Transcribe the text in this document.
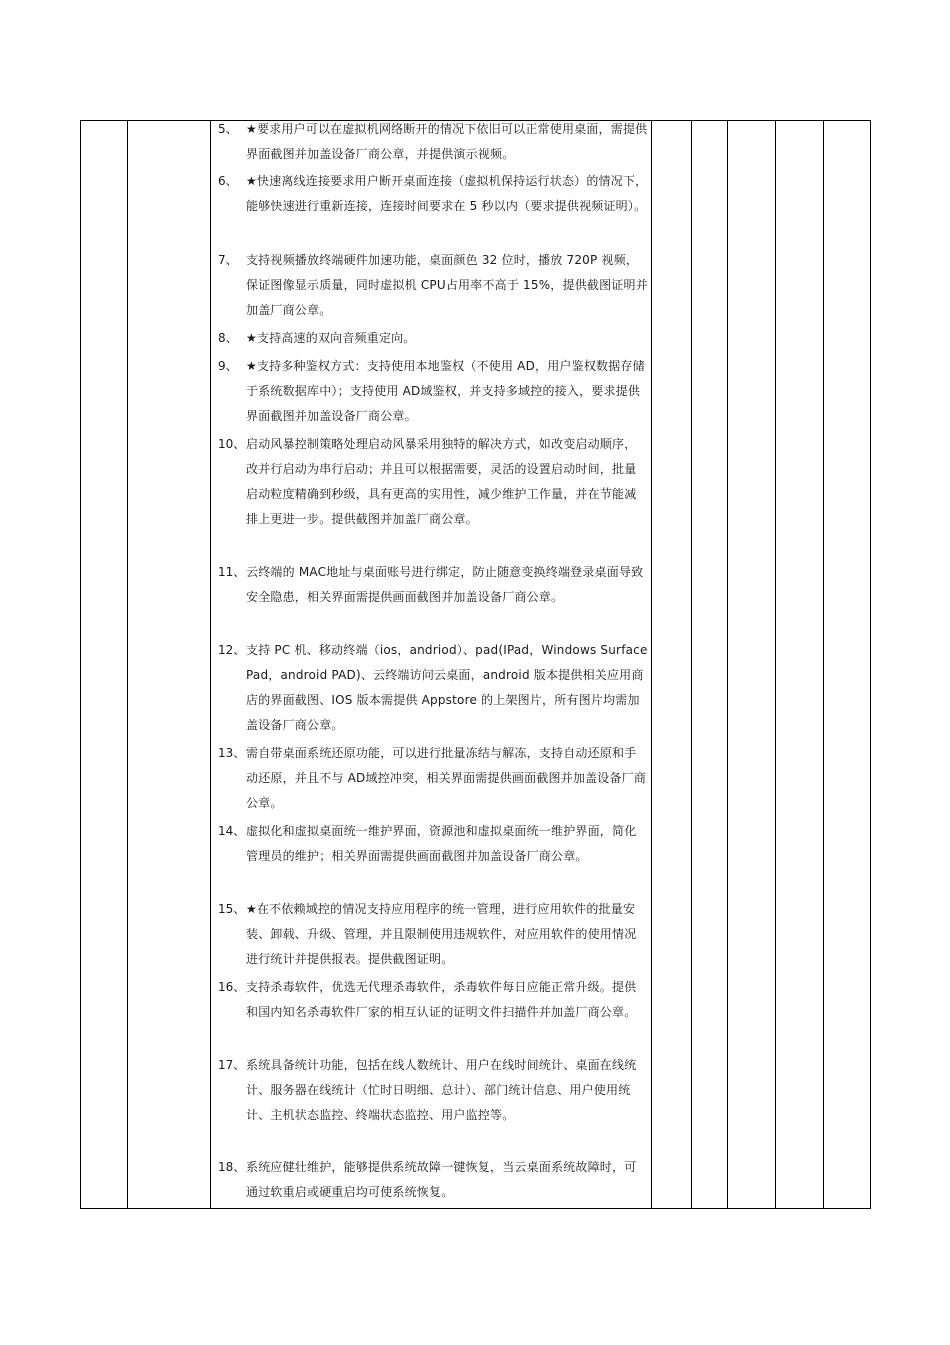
5、 ★要求用户可以在虚拟机网络断开的情况下依旧可以正常使用桌面，需提供界面截图并加盖设备厂商公章，并提供演示视频。
6、 ★快速离线连接要求用户断开桌面连接（虚拟机保持运行状态）的情况下，能够快速进行重新连接，连接时间要求在 5 秒以内（要求提供视频证明）。
7、 支持视频播放终端硬件加速功能，桌面颜色 32 位时，播放 720P 视频，保证图像显示质量，同时虚拟机 CPU占用率不高于 15%，提供截图证明并加盖厂商公章。
8、 ★支持高速的双向音频重定向。
9、 ★支持多种鉴权方式：支持使用本地鉴权（不使用 AD，用户鉴权数据存储于系统数据库中）；支持使用 AD域鉴权，并支持多域控的接入，要求提供界面截图并加盖设备厂商公章。
10、 启动风暴控制策略处理启动风暴采用独特的解决方式，如改变启动顺序，改并行启动为串行启动；并且可以根据需要，灵活的设置启动时间，批量启动粒度精确到秒级，具有更高的实用性，减少维护工作量，并在节能减排上更进一步。提供截图并加盖厂商公章。
11、 云终端的 MAC地址与桌面账号进行绑定，防止随意变换终端登录桌面导致安全隐患，相关界面需提供画面截图并加盖设备厂商公章。
12、 支持 PC 机、移动终端（ios，andriod）、pad(IPad，Windows Surface Pad，android PAD)、云终端访问云桌面，android 版本提供相关应用商店的界面截图、IOS 版本需提供 Appstore 的上架图片，所有图片均需加盖设备厂商公章。
13、 需自带桌面系统还原功能，可以进行批量冻结与解冻，支持自动还原和手动还原，并且不与 AD域控冲突，相关界面需提供画面截图并加盖设备厂商公章。
14、 虚拟化和虚拟桌面统一维护界面，资源池和虚拟桌面统一维护界面，简化管理员的维护；相关界面需提供画面截图并加盖设备厂商公章。
15、 ★在不依赖域控的情况支持应用程序的统一管理，进行应用软件的批量安装、卸载、升级、管理，并且限制使用违规软件，对应用软件的使用情况进行统计并提供报表。提供截图证明。
16、 支持杀毒软件，优选无代理杀毒软件，杀毒软件每日应能正常升级。提供和国内知名杀毒软件厂家的相互认证的证明文件扫描件并加盖厂商公章。
17、 系统具备统计功能，包括在线人数统计、用户在线时间统计、桌面在线统计、服务器在线统计（忙时日明细、总计）、部门统计信息、用户使用统计、主机状态监控、终端状态监控、用户监控等。
18、 系统应健壮维护，能够提供系统故障一键恢复，当云桌面系统故障时，可通过软重启或硬重启均可使系统恢复。
